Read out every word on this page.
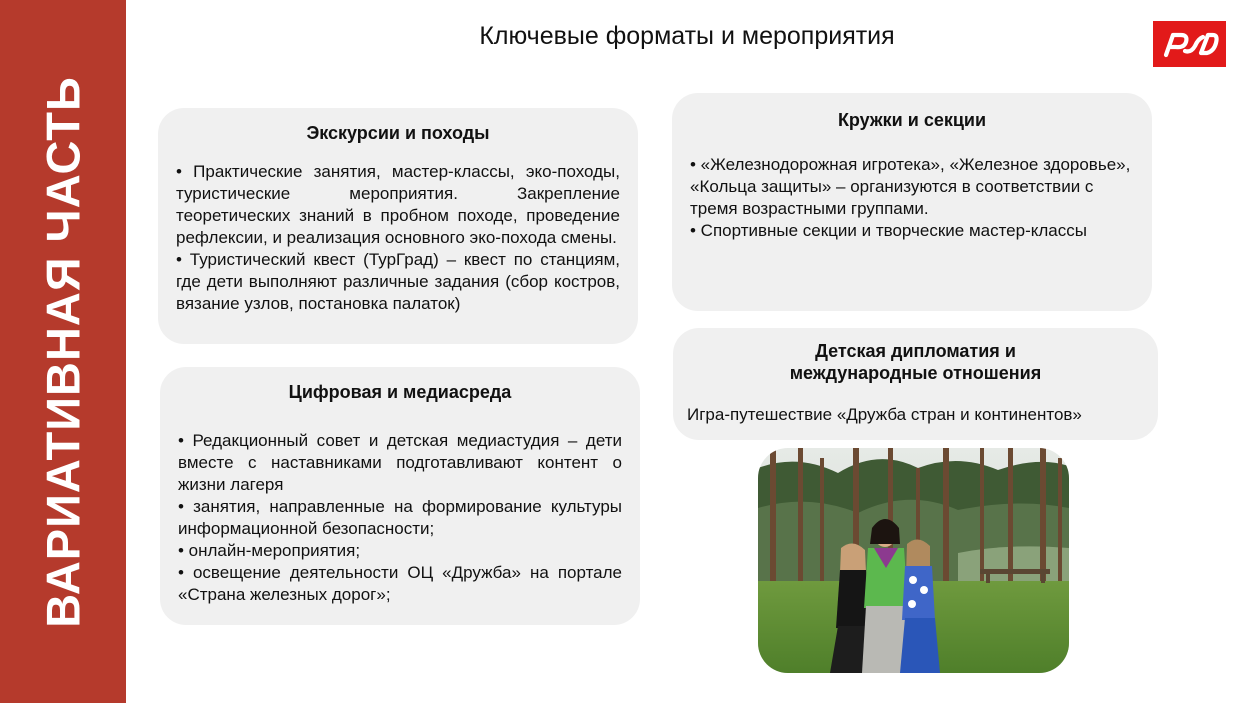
ВАРИАТИВНАЯ ЧАСТЬ
Ключевые форматы и мероприятия
Экскурсии и походы

• Практические занятия, мастер-классы, эко-походы, туристические мероприятия. Закрепление теоретических знаний в пробном походе, проведение рефлексии, и реализация основного эко-похода смены.

• Туристический квест (ТурГрад) – квест по станциям, где дети выполняют различные задания (сбор костров, вязание узлов, постановка палаток)

Цифровая и медиасреда

• Редакционный совет и детская медиастудия – дети вместе с наставниками подготавливают контент о жизни лагеря

• занятия, направленные на формирование культуры информационной безопасности;

• онлайн-мероприятия;

• освещение деятельности ОЦ «Дружба» на портале «Страна железных дорог»;

Кружки и секции

• «Железнодорожная игротека», «Железное здоровье», «Кольца защиты» – организуются в соответствии с тремя возрастными группами.

• Спортивные секции и творческие мастер-классы

Детская дипломатия и
международные отношения

Игра-путешествие «Дружба стран и континентов»
